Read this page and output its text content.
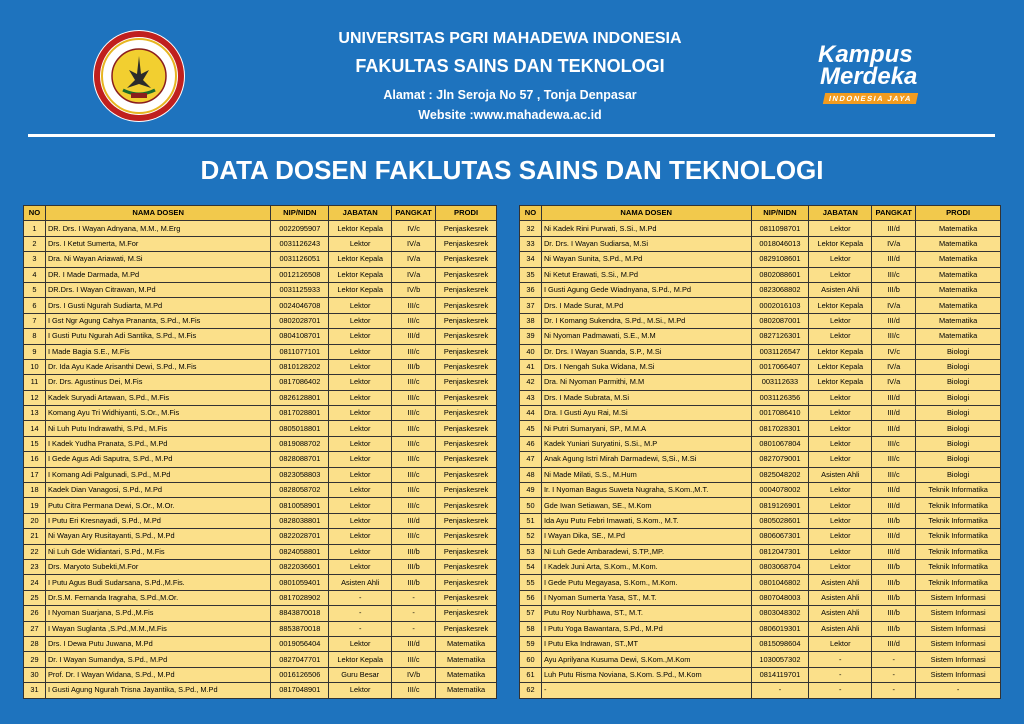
UNIVERSITAS PGRI MAHADEWA INDONESIA
FAKULTAS SAINS DAN TEKNOLOGI
Alamat : Jln Seroja No 57 , Tonja Denpasar
Website :www.mahadewa.ac.id
Kampus
Merdeka
INDONESIA JAYA
DATA DOSEN FAKLUTAS SAINS DAN TEKNOLOGI
NO	NAMA DOSEN	NIP/NIDN	JABATAN	PANGKAT	PRODI
1	DR. Drs. I Wayan Adnyana, M.M., M.Erg	0022095907	Lektor Kepala	IV/c	Penjaskesrek
2	Drs. I Ketut Sumerta, M.For	0031126243	Lektor	IV/a	Penjaskesrek
3	Dra. Ni Wayan Ariawati, M.Si	0031126051	Lektor Kepala	IV/a	Penjaskesrek
4	DR. I Made Darmada, M.Pd	0012126508	Lektor Kepala	IV/a	Penjaskesrek
5	DR.Drs. I Wayan Citrawan, M.Pd	0031125933	Lektor Kepala	IV/b	Penjaskesrek
6	Drs. I Gusti Ngurah Sudiarta, M.Pd	0024046708	Lektor	III/c	Penjaskesrek
7	I Gst Ngr Agung Cahya Prananta, S.Pd., M.Fis	0802028701	Lektor	III/c	Penjaskesrek
8	I Gusti Putu Ngurah Adi Santika, S.Pd., M.Fis	0804108701	Lektor	III/d	Penjaskesrek
9	I Made Bagia S.E., M.Fis	0811077101	Lektor	III/c	Penjaskesrek
10	Dr. Ida Ayu Kade Arisanthi Dewi, S.Pd., M.Fis	0810128202	Lektor	III/b	Penjaskesrek
11	Dr. Drs. Agustinus Dei, M.Fis	0817086402	Lektor	III/c	Penjaskesrek
12	Kadek Suryadi Artawan, S.Pd., M.Fis	0826128801	Lektor	III/c	Penjaskesrek
13	Komang Ayu Tri Widhiyanti, S.Or., M.Fis	0817028801	Lektor	III/c	Penjaskesrek
14	Ni Luh Putu Indrawathi, S.Pd., M.Fis	0805018801	Lektor	III/c	Penjaskesrek
15	I Kadek Yudha Pranata, S.Pd., M.Pd	0819088702	Lektor	III/c	Penjaskesrek
16	I Gede Agus Adi Saputra, S.Pd., M.Pd	0828088701	Lektor	III/c	Penjaskesrek
17	I Komang Adi Palgunadi, S.Pd., M.Pd	0823058803	Lektor	III/c	Penjaskesrek
18	Kadek Dian Vanagosi, S.Pd., M.Pd	0828058702	Lektor	III/c	Penjaskesrek
19	Putu Citra Permana Dewi, S.Or., M.Or.	0810058901	Lektor	III/c	Penjaskesrek
20	I Putu Eri Kresnayadi, S.Pd., M.Pd	0828038801	Lektor	III/d	Penjaskesrek
21	Ni Wayan Ary Rusitayanti, S.Pd., M.Pd	0822028701	Lektor	III/c	Penjaskesrek
22	Ni Luh Gde Widiantari, S.Pd., M.Fis	0824058801	Lektor	III/b	Penjaskesrek
23	Drs. Maryoto Subekti,M.For	0822036601	Lektor	III/b	Penjaskesrek
24	I Putu Agus Budi Sudarsana, S.Pd.,M.Fis.	0801059401	Asisten Ahli	III/b	Penjaskesrek
25	Dr.S.M. Fernanda Iragraha, S.Pd.,M.Or.	0817028902	-	-	Penjaskesrek
26	I Nyoman Suarjana, S.Pd.,M.Fis	8843870018	-	-	Penjaskesrek
27	I Wayan Suglanta ,S.Pd.,M.M.,M.Fis	8853870018	-	-	Penjaskesrek
28	Drs. I Dewa Putu Juwana, M.Pd	0019056404	Lektor	III/d	Matematika
29	Dr. I Wayan Sumandya, S.Pd., M.Pd	0827047701	Lektor Kepala	III/c	Matematika
30	Prof. Dr. I Wayan Widana, S.Pd., M.Pd	0016126506	Guru Besar	IV/b	Matematika
31	I Gusti Agung Ngurah Trisna Jayantika, S.Pd., M.Pd	0817048901	Lektor	III/c	Matematika
NO	NAMA DOSEN	NIP/NIDN	JABATAN	PANGKAT	PRODI
32	Ni Kadek Rini Purwati, S.Si., M.Pd	0811098701	Lektor	III/d	Matematika
33	Dr. Drs. I Wayan Sudiarsa, M.Si	0018046013	Lektor Kepala	IV/a	Matematika
34	Ni Wayan Sunita, S.Pd., M.Pd	0829108601	Lektor	III/d	Matematika
35	Ni Ketut Erawati, S.Si., M.Pd	0802088601	Lektor	III/c	Matematika
36	I Gusti Agung Gede Wiadnyana, S.Pd., M.Pd	0823068802	Asisten Ahli	III/b	Matematika
37	Drs. I Made Surat, M.Pd	0002016103	Lektor Kepala	IV/a	Matematika
38	Dr. I Komang Sukendra, S.Pd., M.Si., M.Pd	0802087001	Lektor	III/d	Matematika
39	Ni Nyoman Padmawati, S.E., M.M	0827126301	Lektor	III/c	Matematika
40	Dr. Drs. I Wayan Suanda, S.P., M.Si	0031126547	Lektor Kepala	IV/c	Biologi
41	Drs. I Nengah Suka Widana, M.Si	0017066407	Lektor Kepala	IV/a	Biologi
42	Dra. Ni Nyoman Parmithi, M.M	003112633	Lektor Kepala	IV/a	Biologi
43	Drs. I Made Subrata, M.Si	0031126356	Lektor	III/d	Biologi
44	Dra. I Gusti Ayu Rai, M.Si	0017086410	Lektor	III/d	Biologi
45	Ni Putri Sumaryani, SP., M.M.A	0817028301	Lektor	III/d	Biologi
46	Kadek Yuniari Suryatini, S.Si., M.P	0801067804	Lektor	III/c	Biologi
47	Anak Agung Istri Mirah Darmadewi, S,Si., M.Si	0827079001	Lektor	III/c	Biologi
48	Ni Made Milati, S.S., M.Hum	0825048202	Asisten Ahli	III/c	Biologi
49	Ir. I Nyoman Bagus Suweta Nugraha, S.Kom.,M.T.	0004078002	Lektor	III/d	Teknik Informatika
50	Gde Iwan Setiawan, SE., M.Kom	0819126901	Lektor	III/d	Teknik Informatika
51	Ida Ayu Putu Febri Imawati, S.Kom., M.T.	0805028601	Lektor	III/b	Teknik Informatika
52	I Wayan Dika, SE., M.Pd	0806067301	Lektor	III/d	Teknik Informatika
53	Ni Luh Gede Ambaradewi, S.TP.,MP.	0812047301	Lektor	III/d	Teknik Informatika
54	I Kadek Juni Arta, S.Kom., M.Kom.	0803068704	Lektor	III/b	Teknik Informatika
55	I Gede Putu Megayasa, S.Kom., M.Kom.	0801046802	Asisten Ahli	III/b	Teknik Informatika
56	I Nyoman Sumerta Yasa, ST., M.T.	0807048003	Asisten Ahli	III/b	Sistem Informasi
57	Putu Roy Nurbhawa, ST., M.T.	0803048302	Asisten Ahli	III/b	Sistem Informasi
58	I Putu Yoga Bawantara, S.Pd., M.Pd	0806019301	Asisten Ahli	III/b	Sistem Informasi
59	I Putu Eka Indrawan, ST.,MT	0815098604	Lektor	III/d	Sistem Informasi
60	Ayu Aprilyana Kusuma Dewi, S.Kom.,M.Kom	1030057302	-	-	Sistem Informasi
61	Luh Putu Risma Noviana, S.Kom. S.Pd., M.Kom	0814119701	-	-	Sistem Informasi
62	-	-	-	-	-
